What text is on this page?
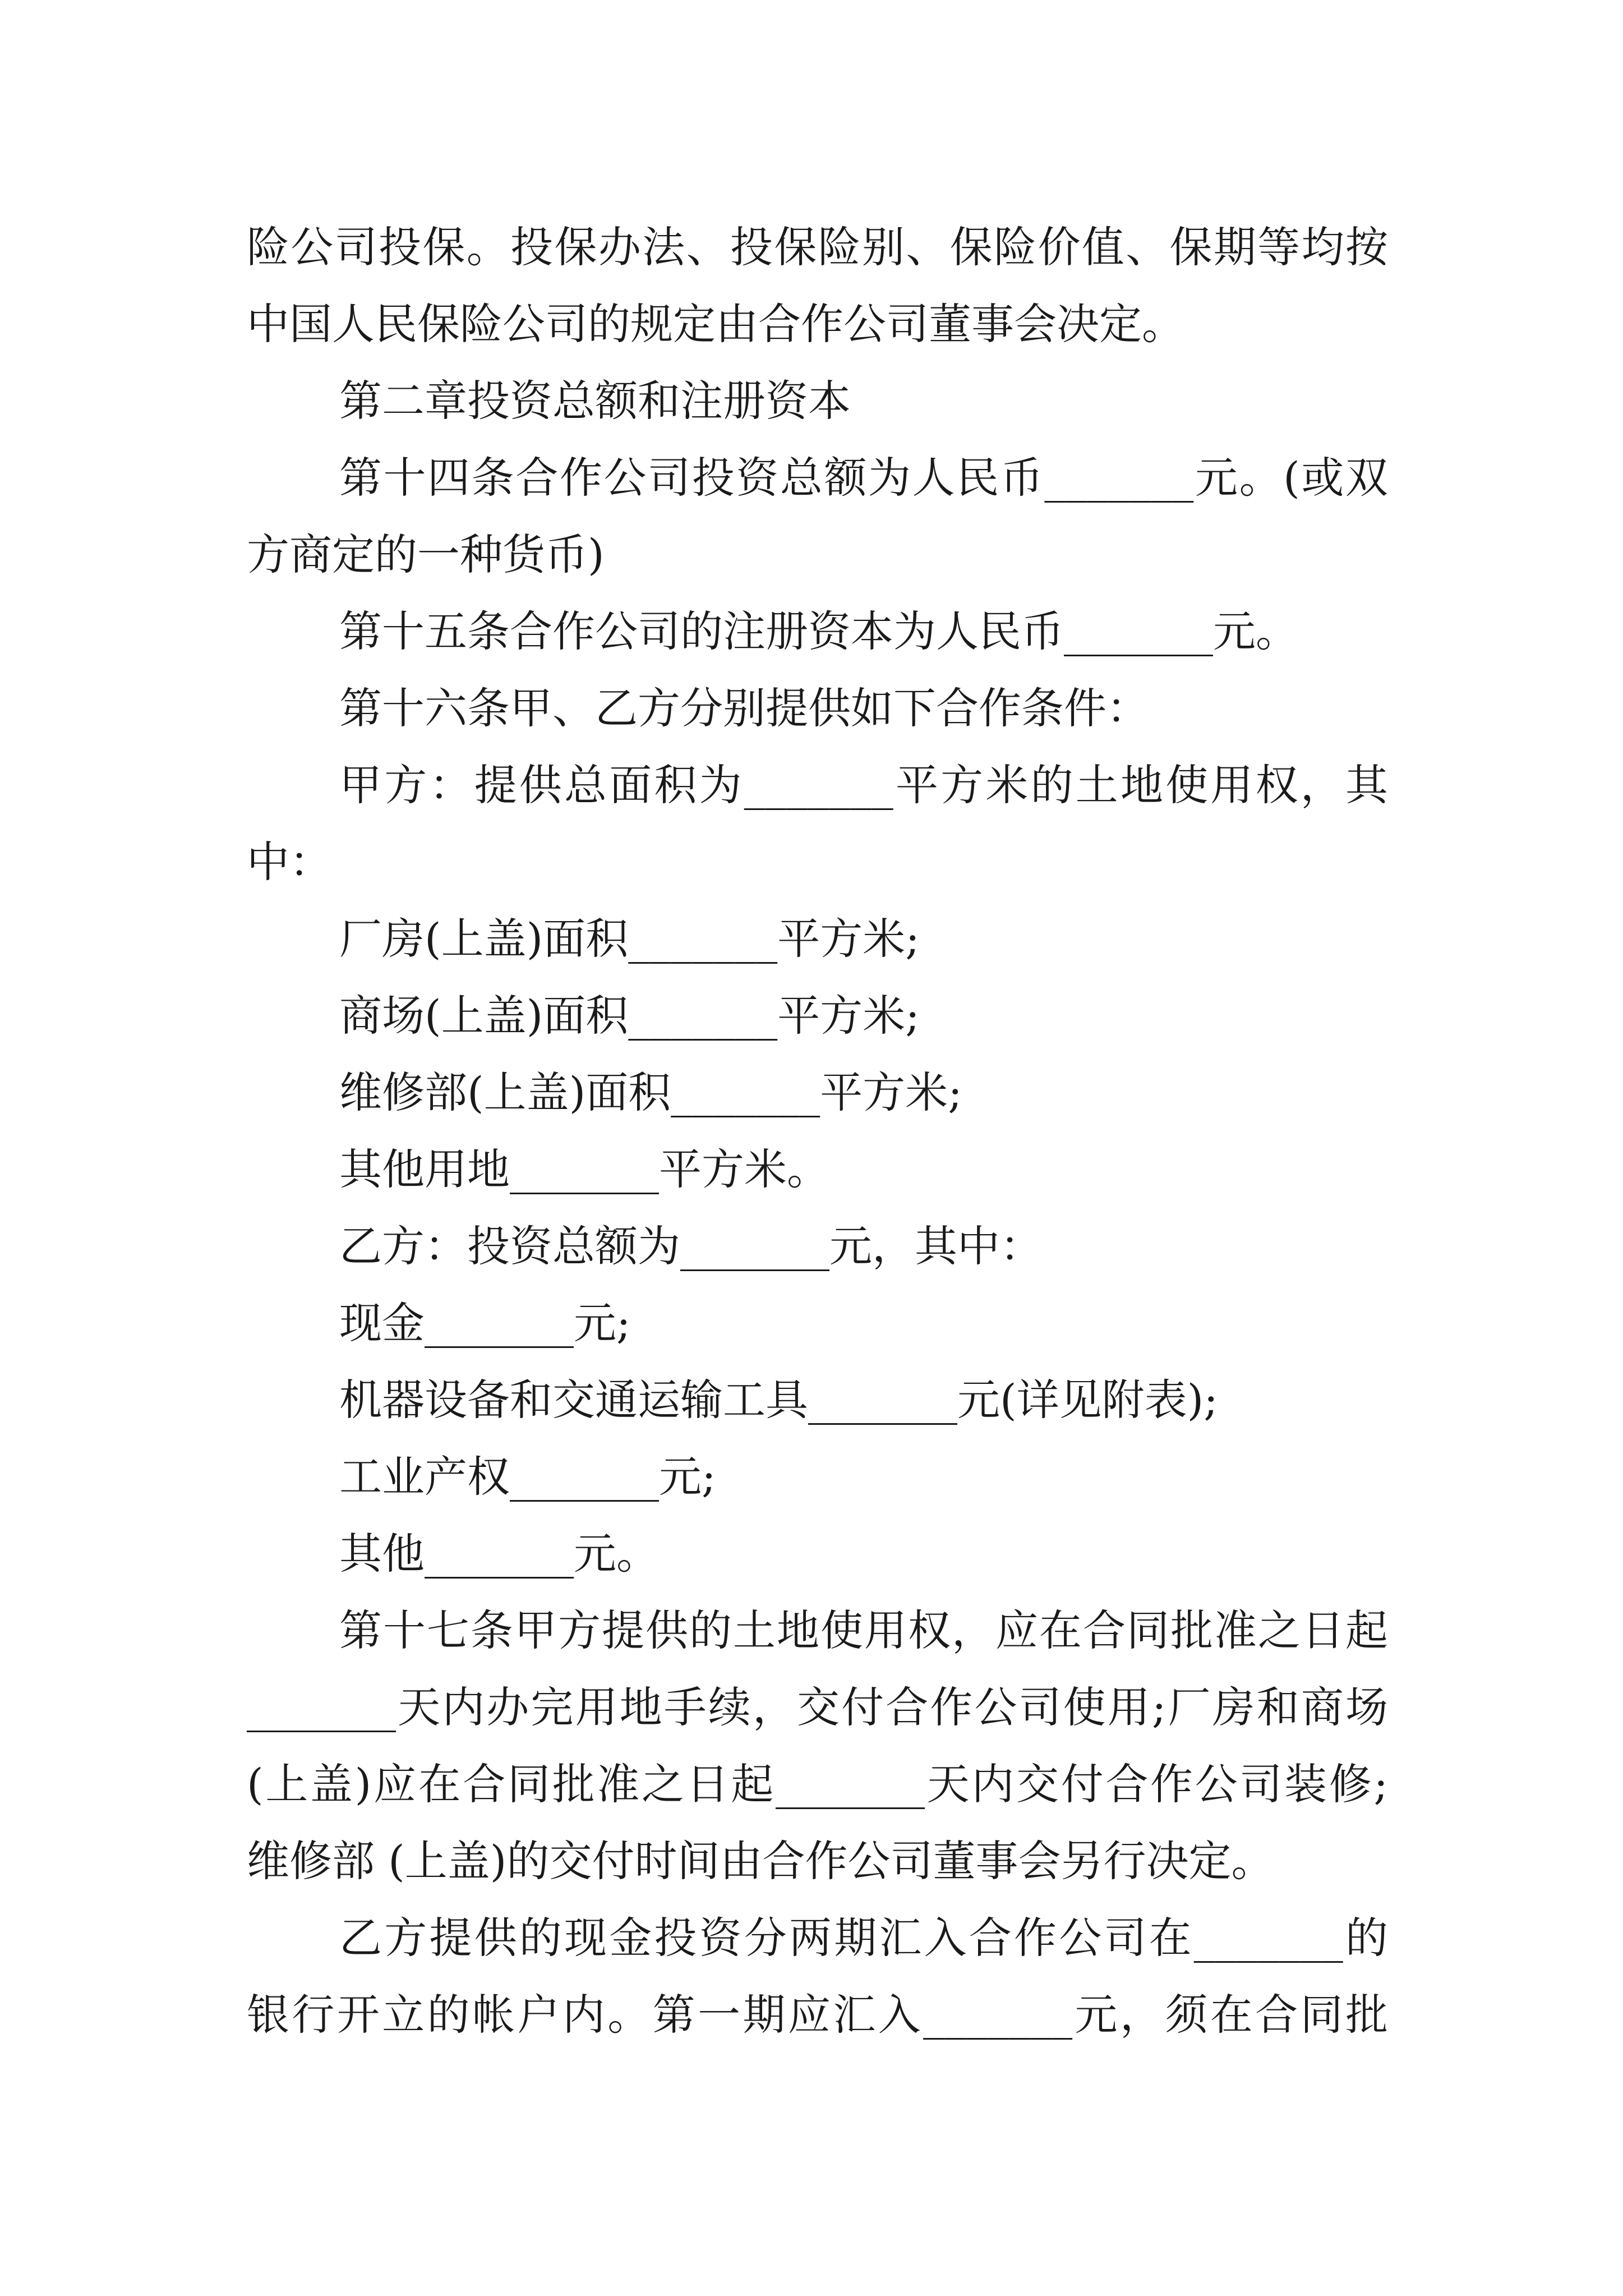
险公司投保。投保办法、投保险别、保险价值、保期等均按
中国人民保险公司的规定由合作公司董事会决定。
第二章投资总额和注册资本
第十四条合作公司投资总额为人民币_______元。(或双
方商定的一种货币)
第十五条合作公司的注册资本为人民币_______元。
第十六条甲、乙方分别提供如下合作条件：
甲方：提供总面积为_______平方米的土地使用权，其
中：
厂房(上盖)面积_______平方米;
商场(上盖)面积_______平方米;
维修部(上盖)面积_______平方米;
其他用地_______平方米。
乙方：投资总额为_______元，其中：
现金_______元;
机器设备和交通运输工具_______元(详见附表);
工业产权_______元;
其他_______元。
第十七条甲方提供的土地使用权，应在合同批准之日起
_______天内办完用地手续，交付合作公司使用;厂房和商场
(上盖)应在合同批准之日起_______天内交付合作公司装修;
维修部 (上盖)的交付时间由合作公司董事会另行决定。
乙方提供的现金投资分两期汇入合作公司在_______的
银行开立的帐户内。第一期应汇入_______元，须在合同批
